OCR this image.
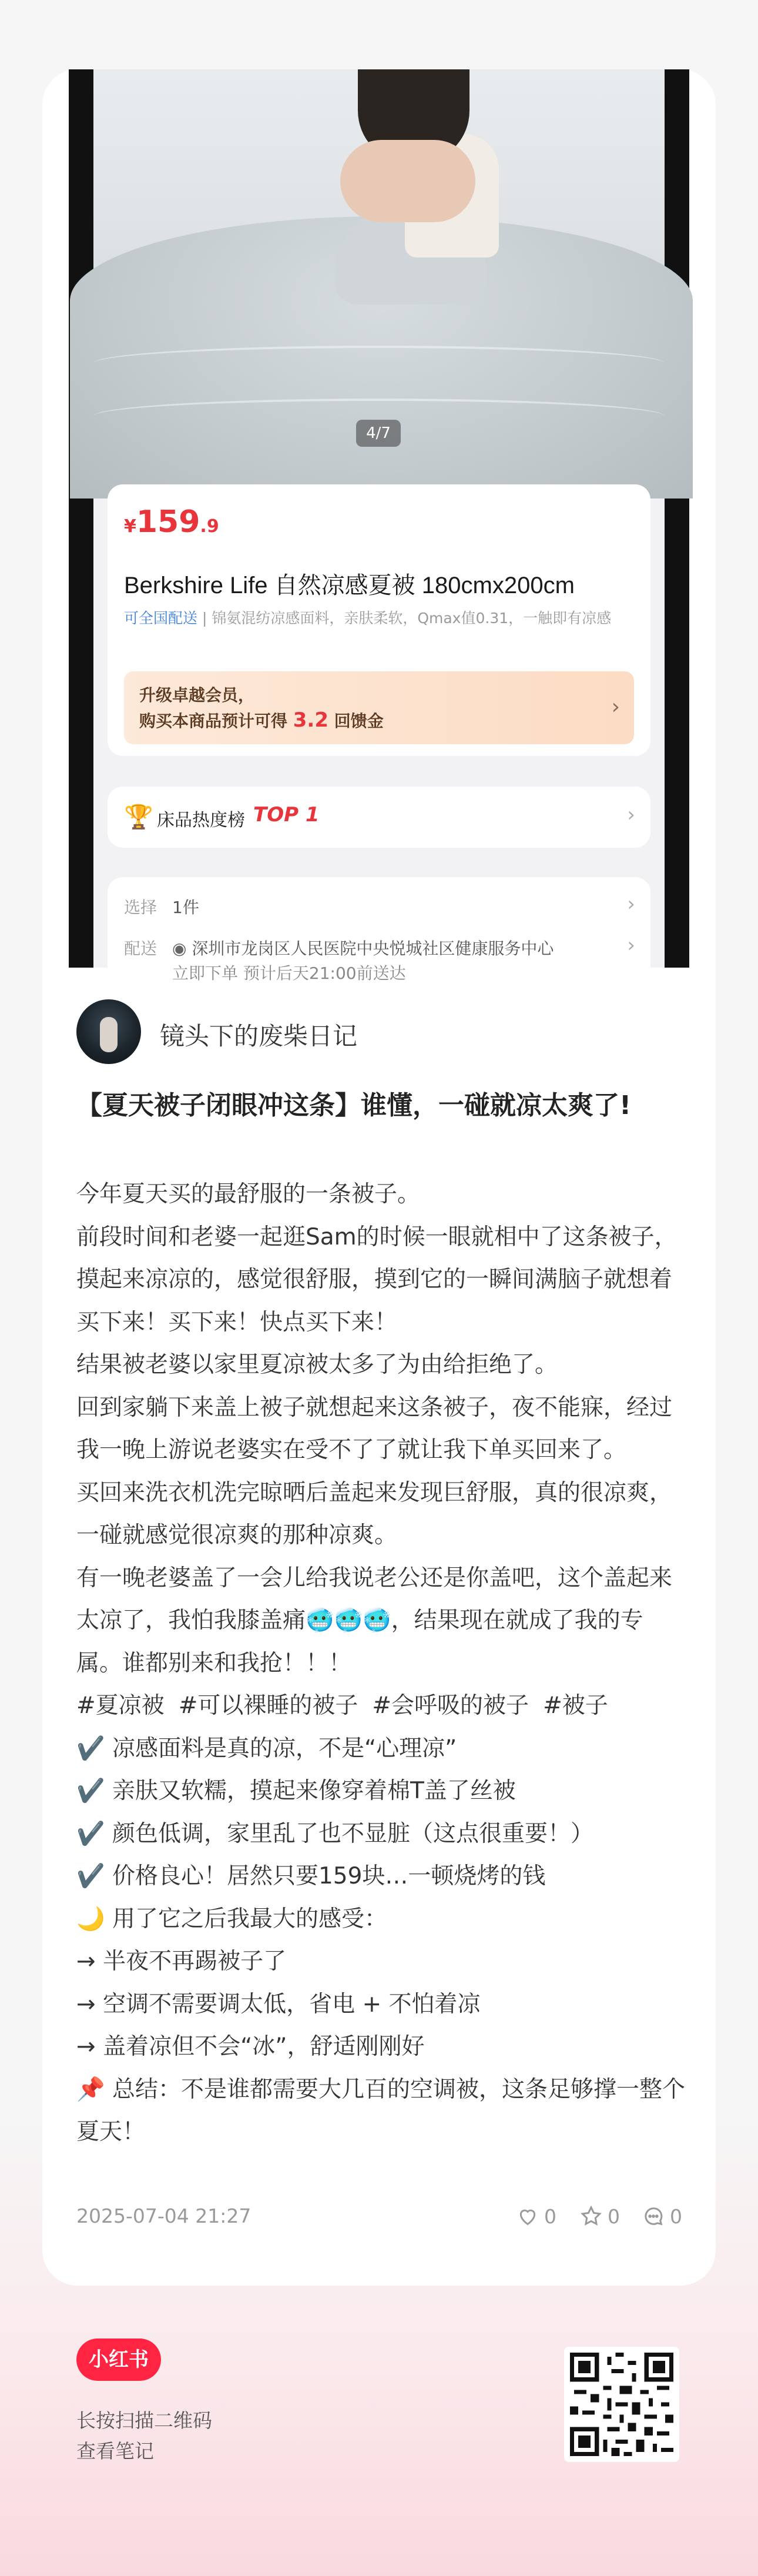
4/7
¥159.9
Berkshire Life 自然凉感夏被 180cmx200cm
可全国配送 | 锦氨混纺凉感面料，亲肤柔软，Qmax值0.31，一触即有凉感
升级卓越会员，
购买本商品预计可得 3.2 回馈金
›
🏆 床品热度榜 TOP 1	›
选择 1件	›
配送 ◉ 深圳市龙岗区人民医院中央悦城社区健康服务中心
立即下单 预计后天21:00前送达
›
镜头下的废柴日记
【夏天被子闭眼冲这条】谁懂，一碰就凉太爽了!

今年夏天买的最舒服的一条被子。

前段时间和老婆一起逛Sam的时候一眼就相中了这条被子，摸起来凉凉的，感觉很舒服，摸到它的一瞬间满脑子就想着买下来！买下来！快点买下来！

结果被老婆以家里夏凉被太多了为由给拒绝了。

回到家躺下来盖上被子就想起来这条被子，夜不能寐，经过我一晚上游说老婆实在受不了了就让我下单买回来了。

买回来洗衣机洗完晾晒后盖起来发现巨舒服，真的很凉爽，一碰就感觉很凉爽的那种凉爽。

有一晚老婆盖了一会儿给我说老公还是你盖吧，这个盖起来太凉了，我怕我膝盖痛🥶🥶🥶，结果现在就成了我的专属。谁都别来和我抢！！！

#夏凉被 #可以裸睡的被子 #会呼吸的被子 #被子

✔️ 凉感面料是真的凉，不是“心理凉”

✔️ 亲肤又软糯，摸起来像穿着棉T盖了丝被

✔️ 颜色低调，家里乱了也不显脏（这点很重要！）

✔️ 价格良心！居然只要159块…一顿烧烤的钱

🌙 用了它之后我最大的感受：

→ 半夜不再踢被子了

→ 空调不需要调太低，省电 + 不怕着凉

→ 盖着凉但不会“冰”，舒适刚刚好

📌 总结：不是谁都需要大几百的空调被，这条足够撑一整个夏天！

2025-07-04 21:27	0	0	0
小红书
长按扫描二维码
查看笔记
